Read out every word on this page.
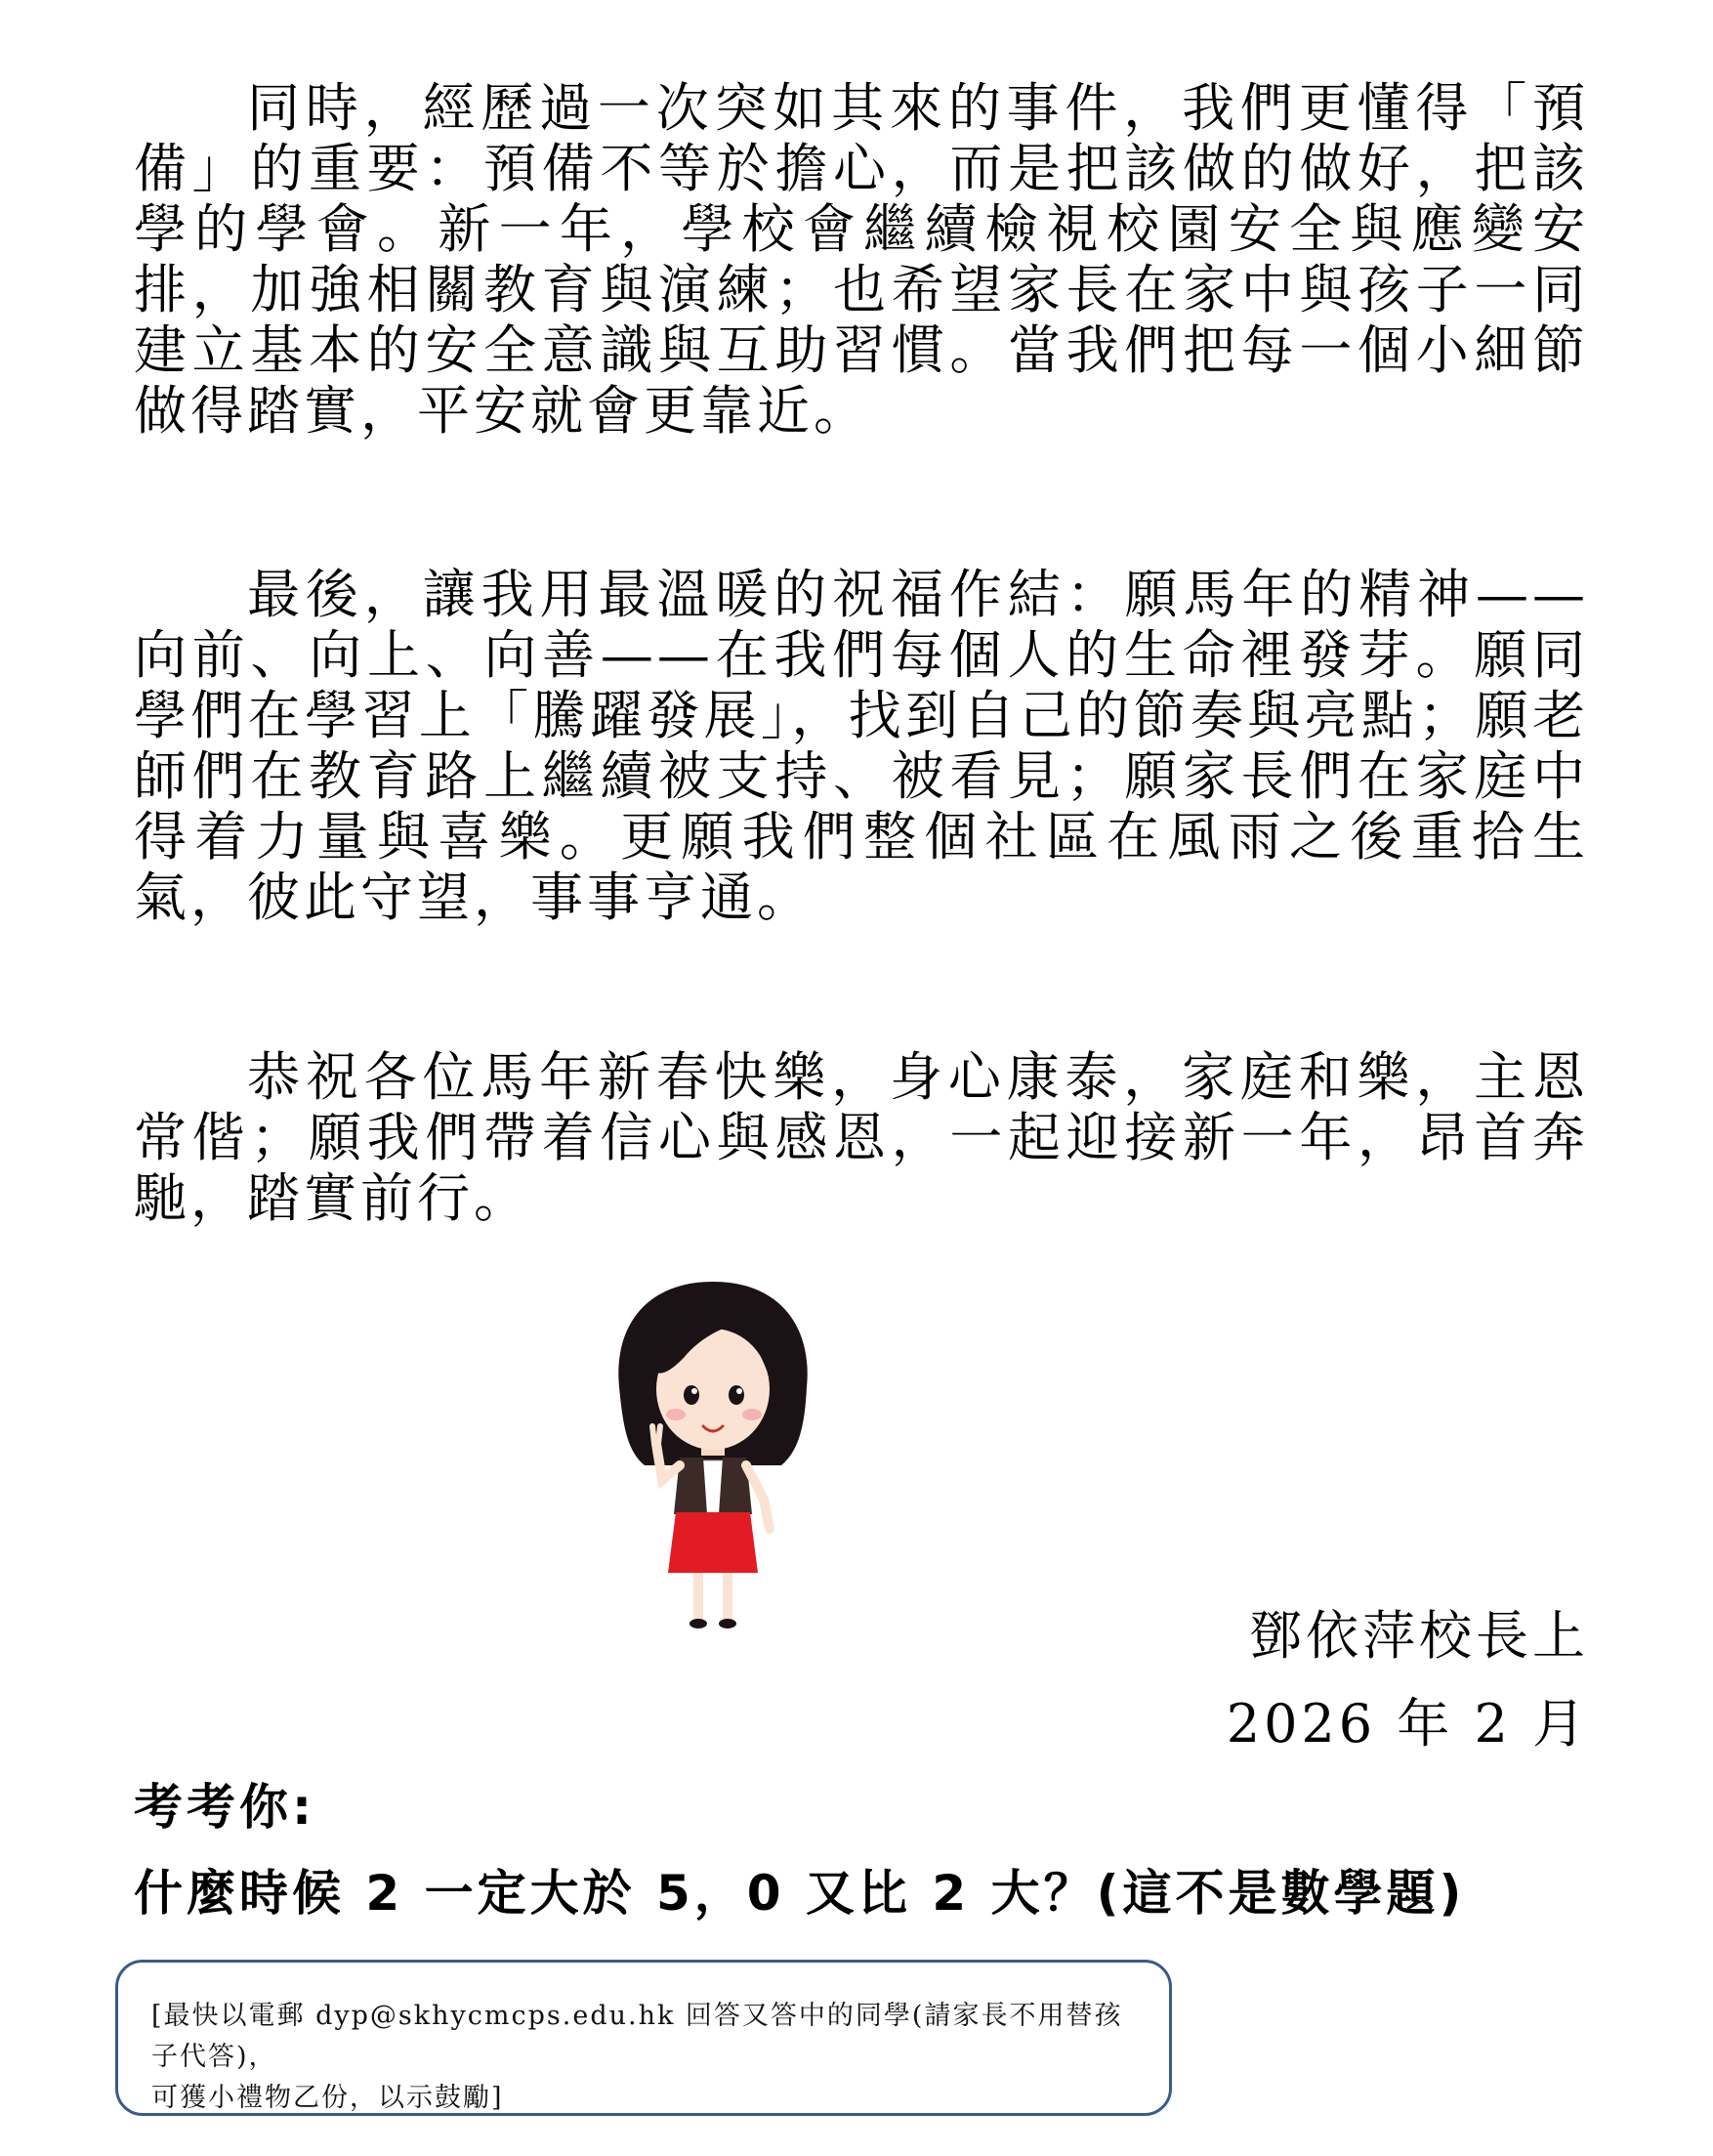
同時，經歷過一次突如其來的事件，我們更懂得「預備」的重要：預備不等於擔心，而是把該做的做好，把該學的學會。新一年，學校會繼續檢視校園安全與應變安排，加強相關教育與演練；也希望家長在家中與孩子一同建立基本的安全意識與互助習慣。當我們把每一個小細節做得踏實，平安就會更靠近。

最後，讓我用最溫暖的祝福作結：願馬年的精神——向前、向上、向善——在我們每個人的生命裡發芽。願同學們在學習上「騰躍發展」，找到自己的節奏與亮點；願老師們在教育路上繼續被支持、被看見；願家長們在家庭中得着力量與喜樂。更願我們整個社區在風雨之後重拾生氣，彼此守望，事事亨通。

恭祝各位馬年新春快樂，身心康泰，家庭和樂，主恩常偕；願我們帶着信心與感恩，一起迎接新一年，昂首奔馳，踏實前行。

鄧依萍校長上

2026 年 2 月

考考你:

什麼時候 2 一定大於 5，0 又比 2 大？(這不是數學題)

[最快以電郵 dyp@skhycmcps.edu.hk 回答又答中的同學(請家長不用替孩子代答)，

可獲小禮物乙份，以示鼓勵]
